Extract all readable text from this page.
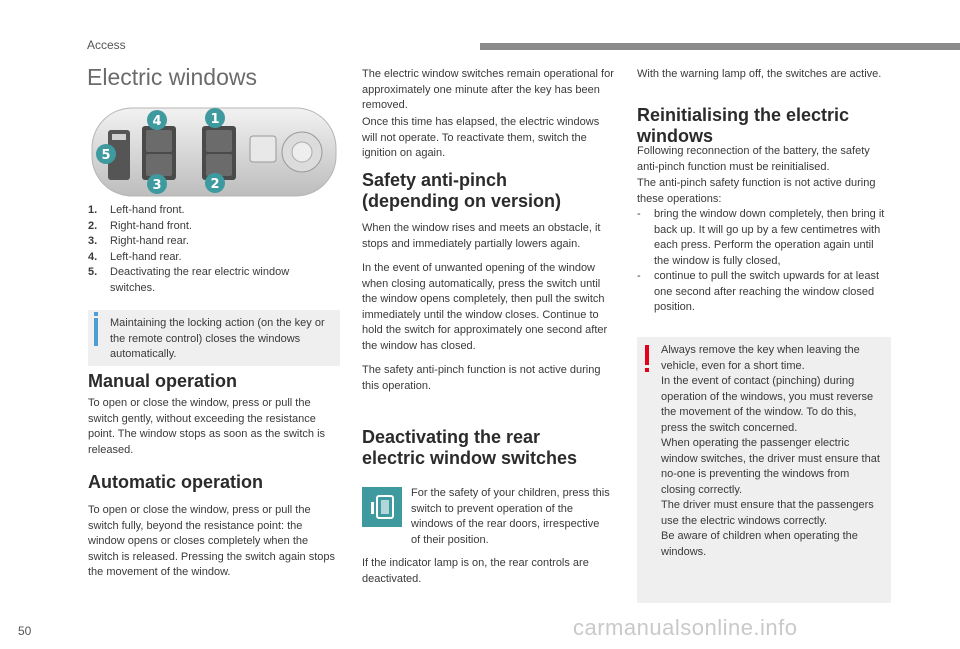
Access
Electric windows
1
2
3
4
5
1.	Left-hand front.
2.	Right-hand front.
3.	Right-hand rear.
4.	Left-hand rear.
5.	Deactivating the rear electric window switches.
Maintaining the locking action (on the key or the remote control) closes the windows automatically.
Manual operation
To open or close the window, press or pull the switch gently, without exceeding the resistance point. The window stops as soon as the switch is released.
Automatic operation
To open or close the window, press or pull the switch fully, beyond the resistance point: the window opens or closes completely when the switch is released. Pressing the switch again stops the movement of the window.
The electric window switches remain operational for approximately one minute after the key has been removed.
Once this time has elapsed, the electric windows will not operate. To reactivate them, switch the ignition on again.
Safety anti-pinch
(depending on version)
When the window rises and meets an obstacle, it stops and immediately partially lowers again.
In the event of unwanted opening of the window when closing automatically, press the switch until the window opens completely, then pull the switch immediately until the window closes. Continue to hold the switch for approximately one second after the window has closed.
The safety anti-pinch function is not active during this operation.
Deactivating the rear
electric window switches
For the safety of your children, press this switch to prevent operation of the windows of the rear doors, irrespective of their position.
If the indicator lamp is on, the rear controls are deactivated.
With the warning lamp off, the switches are active.
Reinitialising the electric
windows
Following reconnection of the battery, the safety anti-pinch function must be reinitialised.
The anti-pinch safety function is not active during these operations:
-	bring the window down completely, then bring it back up. It will go up by a few centimetres with each press. Perform the operation again until the window is fully closed,
-	continue to pull the switch upwards for at least one second after reaching the window closed position.
Always remove the key when leaving the vehicle, even for a short time.
In the event of contact (pinching) during operation of the windows, you must reverse the movement of the window. To do this, press the switch concerned.
When operating the passenger electric window switches, the driver must ensure that no-one is preventing the windows from closing correctly.
The driver must ensure that the passengers use the electric windows correctly.
Be aware of children when operating the windows.
50	carmanualsonline.info
